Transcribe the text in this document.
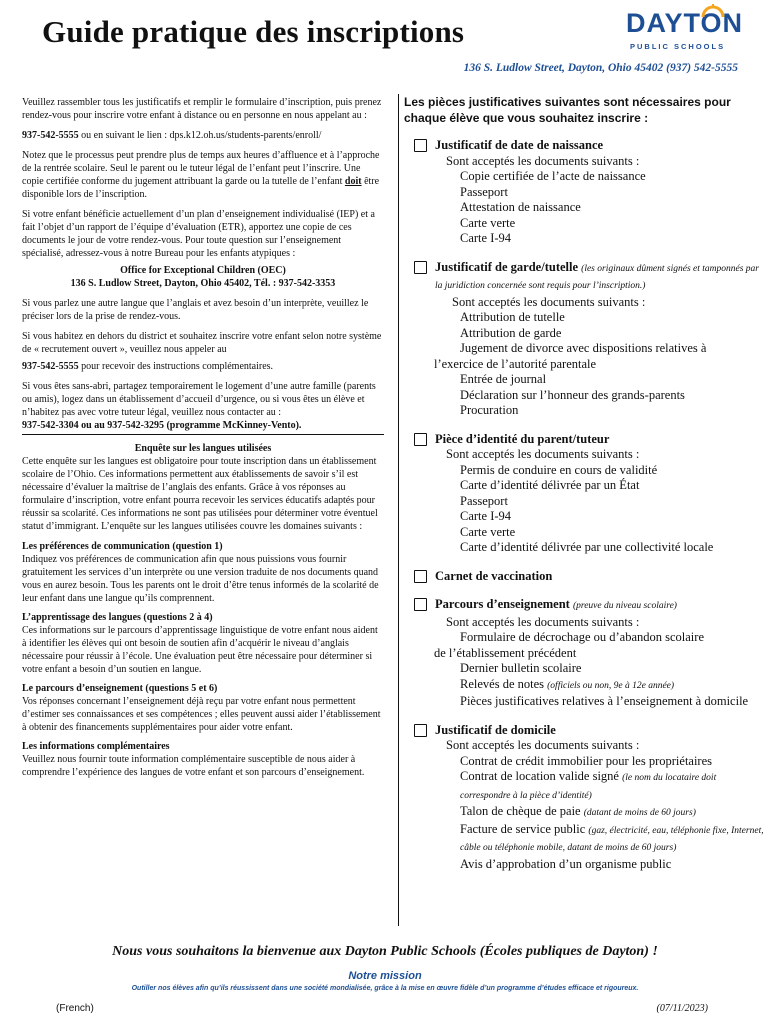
Guide pratique des inscriptions	DAYTON
PUBLIC SCHOOLS
136 S. Ludlow Street, Dayton, Ohio 45402 (937) 542-5555

Veuillez rassembler tous les justificatifs et remplir le formulaire d’inscription, puis prenez rendez-vous pour inscrire votre enfant à distance ou en personne en nous appelant au :

937-542-5555 ou en suivant le lien : dps.k12.oh.us/students-parents/enroll/

Notez que le processus peut prendre plus de temps aux heures d’affluence et à l’approche de la rentrée scolaire. Seul le parent ou le tuteur légal de l’enfant peut l’inscrire. Une copie certifiée conforme du jugement attribuant la garde ou la tutelle de l’enfant doit être disponible lors de l’inscription.

Si votre enfant bénéficie actuellement d’un plan d’enseignement individualisé (IEP) et a fait l’objet d’un rapport de l’équipe d’évaluation (ETR), apportez une copie de ces documents le jour de votre rendez-vous. Pour toute question sur l’enseignement spécialisé, adressez-vous à notre Bureau pour les enfants atypiques :

Office for Exceptional Children (OEC)

136 S. Ludlow Street, Dayton, Ohio 45402, Tél. : 937-542-3353

Si vous parlez une autre langue que l’anglais et avez besoin d’un interprète, veuillez le préciser lors de la prise de rendez-vous.

Si vous habitez en dehors du district et souhaitez inscrire votre enfant selon notre système de « recrutement ouvert », veuillez nous appeler au

937-542-5555 pour recevoir des instructions complémentaires.

Si vous êtes sans-abri, partagez temporairement le logement d’une autre famille (parents ou amis), logez dans un établissement d’accueil d’urgence, ou si vous êtes un élève et n’habitez pas avec votre tuteur légal, veuillez nous contacter au :
937-542-3304 ou au 937-542-3295 (programme McKinney-Vento).

Enquête sur les langues utilisées

Cette enquête sur les langues est obligatoire pour toute inscription dans un établissement scolaire de l’Ohio. Ces informations permettent aux établissements de savoir s’il est nécessaire d’évaluer la maîtrise de l’anglais des enfants. Grâce à vos réponses au formulaire d’inscription, votre enfant pourra recevoir les services éducatifs adaptés pour réussir sa scolarité. Ces informations ne sont pas utilisées pour déterminer votre éventuel statut d’immigrant. L’enquête sur les langues utilisées couvre les domaines suivants :

Les préférences de communication (question 1)
Indiquez vos préférences de communication afin que nous puissions vous fournir gratuitement les services d’un interprète ou une version traduite de nos documents quand vous en aurez besoin. Tous les parents ont le droit d’être tenus informés de la scolarité de leur enfant dans une langue qu’ils comprennent.
L’apprentissage des langues (questions 2 à 4)
Ces informations sur le parcours d’apprentissage linguistique de votre enfant nous aident à identifier les élèves qui ont besoin de soutien afin d’acquérir le niveau d’anglais nécessaire pour réussir à l’école. Une évaluation peut être nécessaire pour déterminer si votre enfant a besoin d’un soutien en langue.
Le parcours d’enseignement (questions 5 et 6)
Vos réponses concernant l’enseignement déjà reçu par votre enfant nous permettent d’estimer ses connaissances et ses compétences ; elles peuvent aussi aider l’établissement à obtenir des financements supplémentaires pour aider votre enfant.
Les informations complémentaires
Veuillez nous fournir toute information complémentaire susceptible de nous aider à comprendre l’expérience des langues de votre enfant et son parcours d’enseignement.

Les pièces justificatives suivantes sont nécessaires pour chaque élève que vous souhaitez inscrire :

Justificatif de date de naissance
Sont acceptés les documents suivants :
Copie certifiée de l’acte de naissance
Passeport
Attestation de naissance
Carte verte
Carte I-94
Justificatif de garde/tutelle (les originaux dûment signés et tamponnés par la juridiction concernée sont requis pour l’inscription.)
Sont acceptés les documents suivants :
Attribution de tutelle
Attribution de garde
Jugement de divorce avec dispositions relatives à
l’exercice de l’autorité parentale
Entrée de journal
Déclaration sur l’honneur des grands-parents
Procuration
Pièce d’identité du parent/tuteur
Sont acceptés les documents suivants :
Permis de conduire en cours de validité
Carte d’identité délivrée par un État
Passeport
Carte I-94
Carte verte
Carte d’identité délivrée par une collectivité locale
Carnet de vaccination
Parcours d’enseignement (preuve du niveau scolaire)
Sont acceptés les documents suivants :
Formulaire de décrochage ou d’abandon scolaire
de l’établissement précédent
Dernier bulletin scolaire
Relevés de notes (officiels ou non, 9e à 12e année)
Pièces justificatives relatives à l’enseignement à domicile
Justificatif de domicile
Sont acceptés les documents suivants :
Contrat de crédit immobilier pour les propriétaires
Contrat de location valide signé (le nom du locataire doit correspondre à la pièce d’identité)
Talon de chèque de paie (datant de moins de 60 jours)
Facture de service public (gaz, électricité, eau, téléphonie fixe, Internet, câble ou téléphonie mobile, datant de moins de 60 jours)
Avis d’approbation d’un organisme public
Nous vous souhaitons la bienvenue aux Dayton Public Schools (Écoles publiques de Dayton) !
Notre mission
Outiller nos élèves afin qu’ils réussissent dans une société mondialisée, grâce à la mise en œuvre fidèle d’un programme d’études efficace et rigoureux.
(French)	(07/11/2023)
